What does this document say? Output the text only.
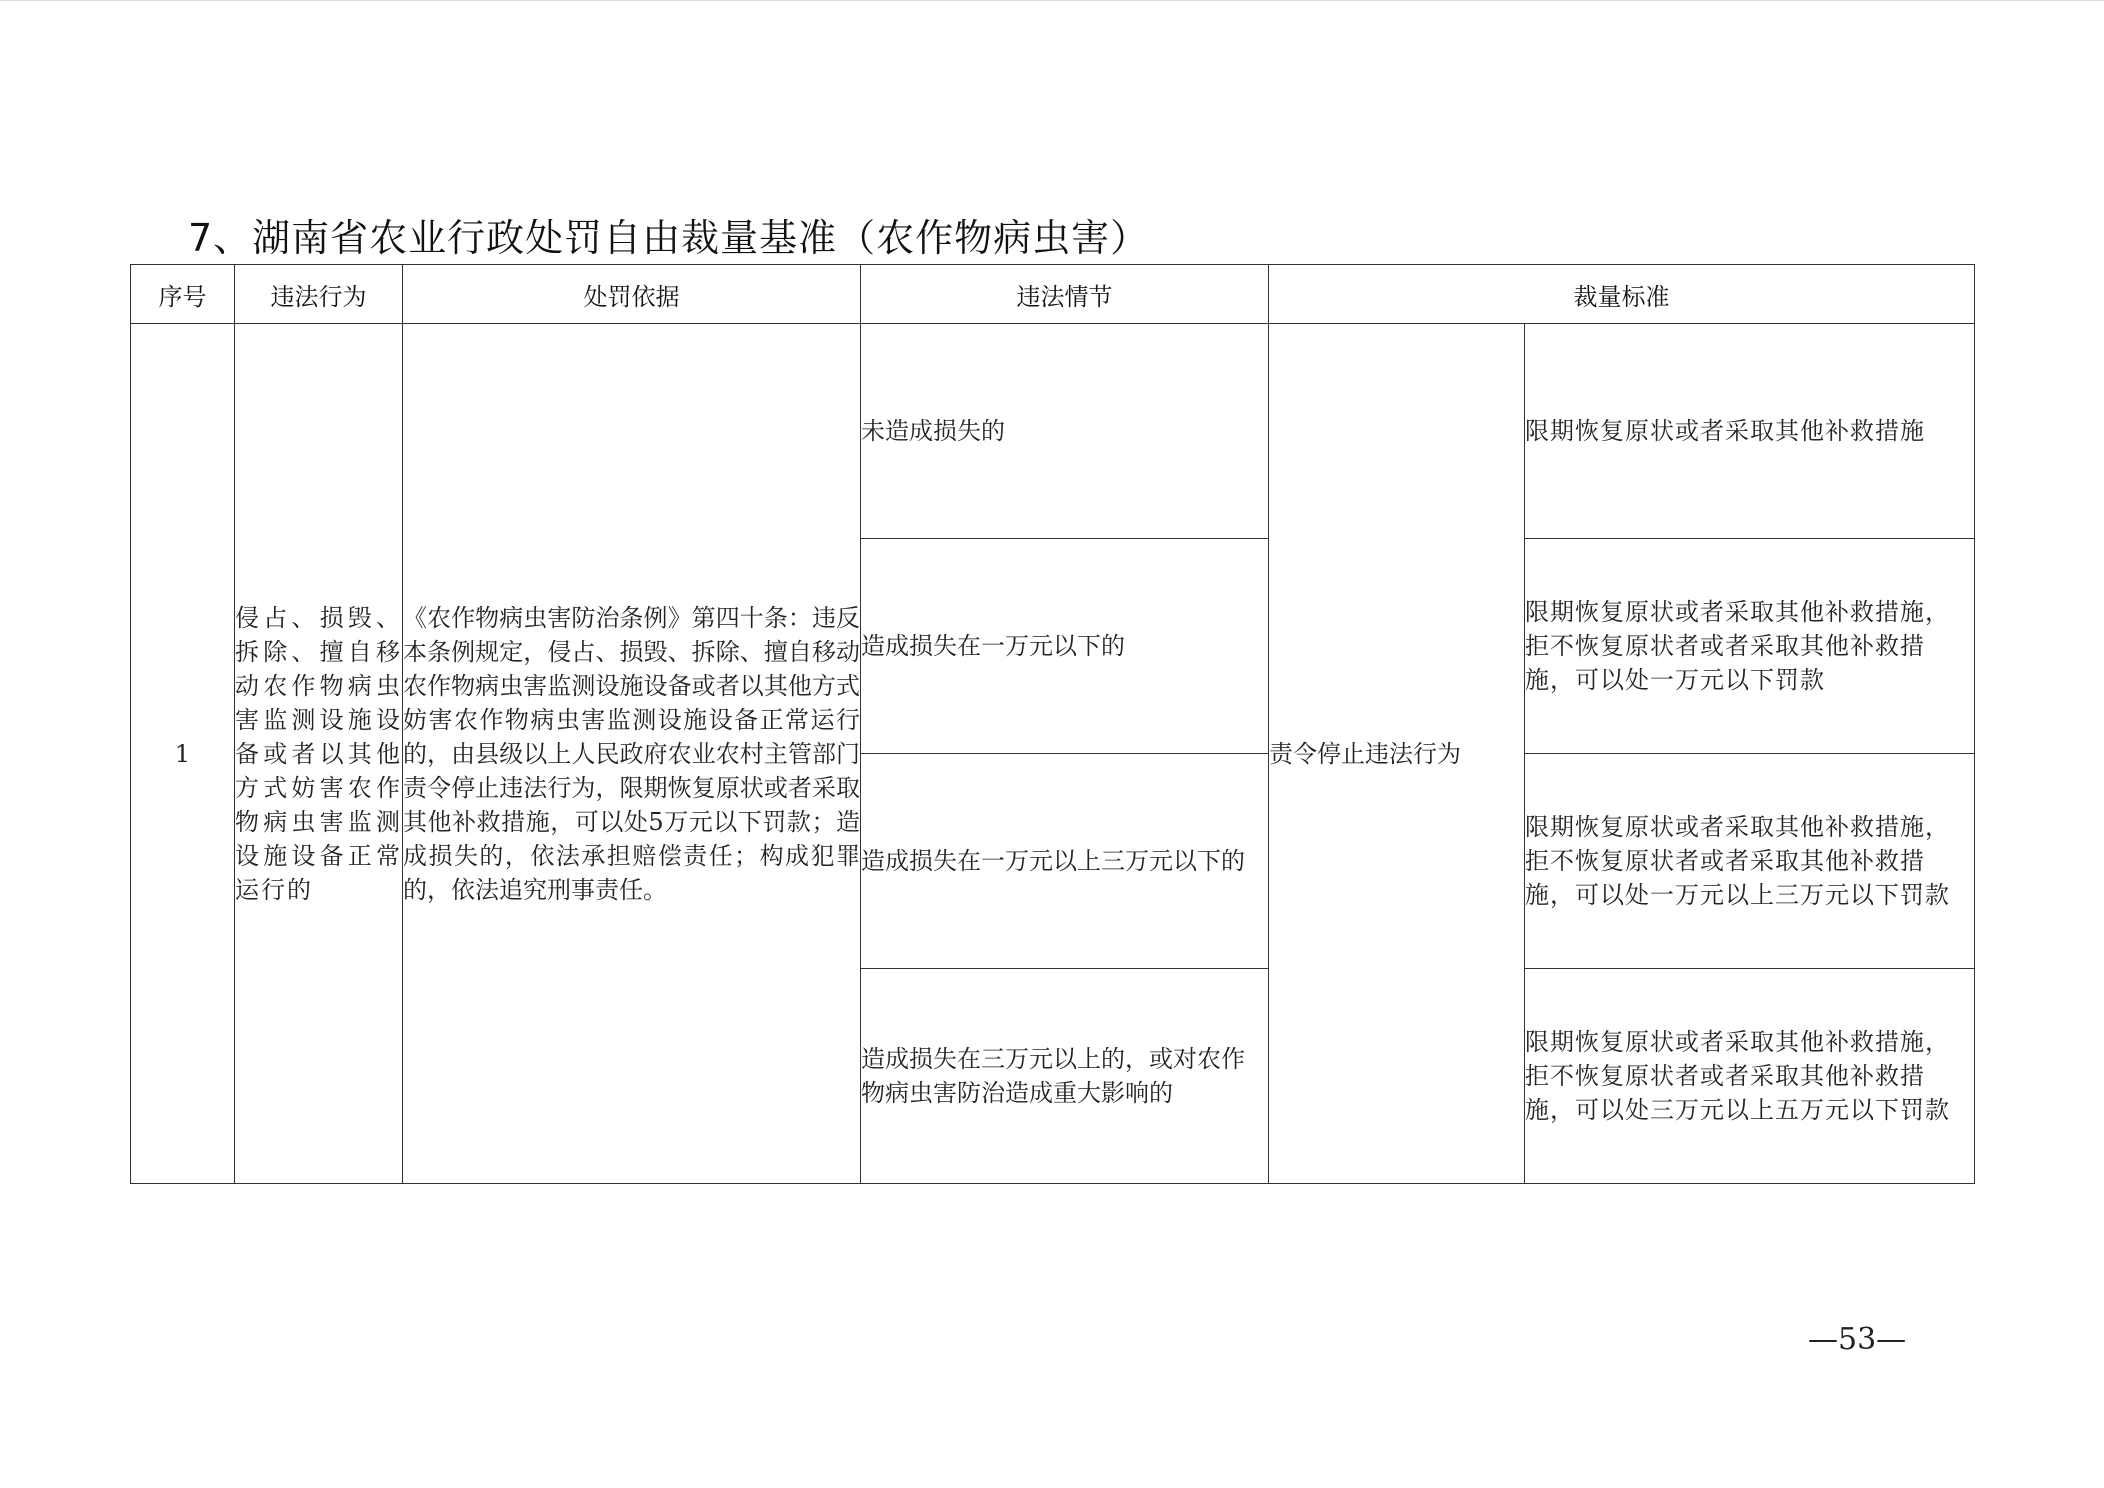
7、湖南省农业行政处罚自由裁量基准（农作物病虫害）
序号	违法行为	处罚依据	违法情节	裁量标准	
1	侵占、损毁、拆除、擅自移动农作物病虫害监测设施设备或者以其他方式妨害农作物病虫害监测设施设备正常运行的	《农作物病虫害防治条例》第四十条：违反本条例规定，侵占、损毁、拆除、擅自移动农作物病虫害监测设施设备或者以其他方式妨害农作物病虫害监测设施设备正常运行的，由县级以上人民政府农业农村主管部门责令停止违法行为，限期恢复原状或者采取其他补救措施，可以处5万元以下罚款；造成损失的，依法承担赔偿责任；构成犯罪的，依法追究刑事责任。	未造成损失的	责令停止违法行为	限期恢复原状或者采取其他补救措施
			造成损失在一万元以下的		限期恢复原状或者采取其他补救措施，拒不恢复原状者或者采取其他补救措施，可以处一万元以下罚款
			造成损失在一万元以上三万元以下的		限期恢复原状或者采取其他补救措施，拒不恢复原状者或者采取其他补救措施，可以处一万元以上三万元以下罚款
			造成损失在三万元以上的，或对农作物病虫害防治造成重大影响的		限期恢复原状或者采取其他补救措施，拒不恢复原状者或者采取其他补救措施，可以处三万元以上五万元以下罚款
—53—
